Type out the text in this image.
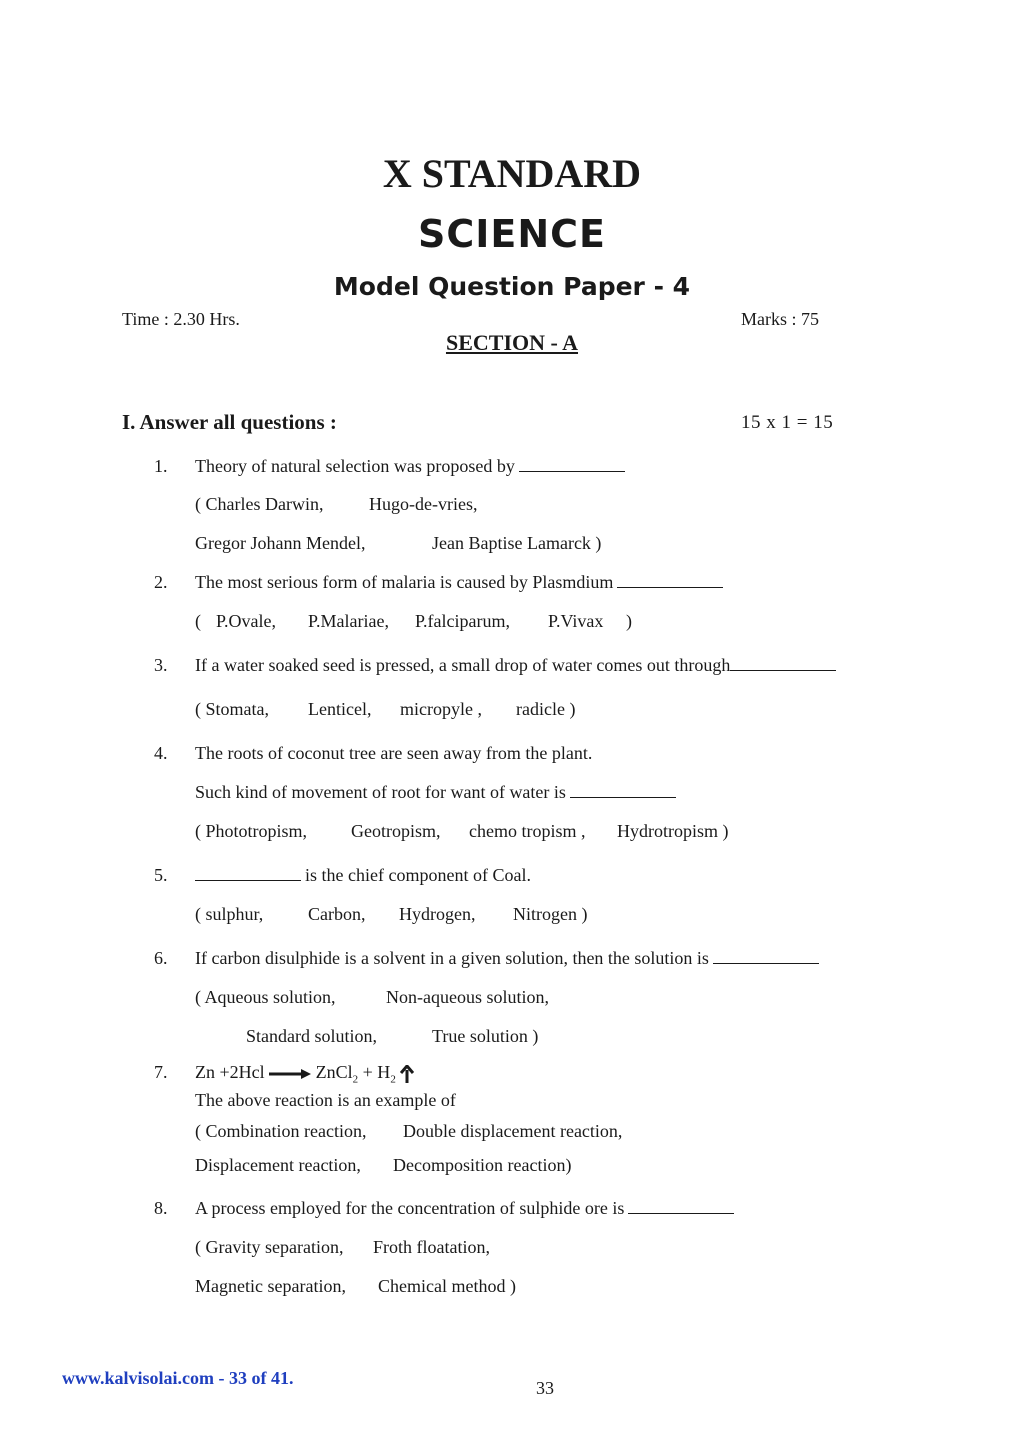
X STANDARD
SCIENCE
Model Question Paper - 4
Time : 2.30 Hrs.	Marks : 75
SECTION - A
I. Answer all questions :	15 x 1 = 15
1. Theory of natural selection was proposed by
( Charles Darwin,	Hugo-de-vries,
Gregor Johann Mendel,	Jean Baptise Lamarck )
2. The most serious form of malaria is caused by Plasmdium
( P.Ovale, P.Malariae, P.falciparum, P.Vivax )
3. If a water soaked seed is pressed, a small drop of water comes out through
( Stomata, Lenticel, micropyle , radicle )
4. The roots of coconut tree are seen away from the plant.
Such kind of movement of root for want of water is
( Phototropism, Geotropism, chemo tropism , Hydrotropism )
5.	is the chief component of Coal.
( sulphur, Carbon, Hydrogen, Nitrogen )
6. If carbon disulphide is a solvent in a given solution, then the solution is
( Aqueous solution,	Non-aqueous solution,
Standard solution,	True solution )
7. Zn +2Hcl → ZnCl$_2$ + $H_2$
The above reaction is an example of
( Combination reaction, Double displacement reaction,
Displacement reaction, Decomposition reaction)
8. A process employed for the concentration of sulphide ore is
( Gravity separation, Froth floatation,
Magnetic separation, Chemical method )
www.kalvisolai.com - 33 of 41.	33
